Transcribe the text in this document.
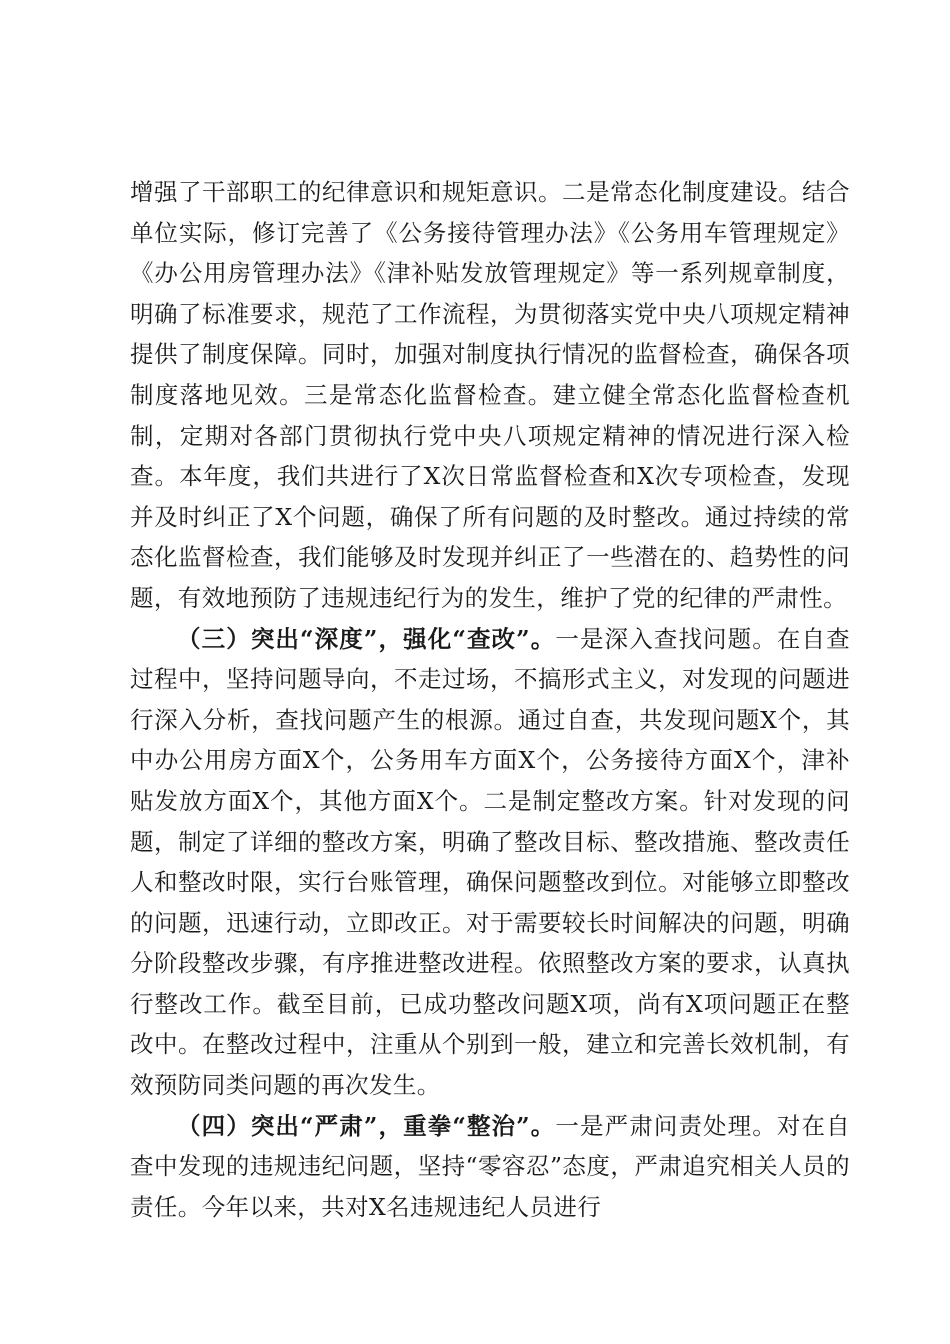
增强了干部职工的纪律意识和规矩意识。二是常态化制度建设。结合单位实际，修订完善了《公务接待管理办法》《公务用车管理规定》《办公用房管理办法》《津补贴发放管理规定》等一系列规章制度，明确了标准要求，规范了工作流程，为贯彻落实党中央八项规定精神提供了制度保障。同时，加强对制度执行情况的监督检查，确保各项制度落地见效。三是常态化监督检查。建立健全常态化监督检查机制，定期对各部门贯彻执行党中央八项规定精神的情况进行深入检查。本年度，我们共进行了X次日常监督检查和X次专项检查，发现并及时纠正了X个问题，确保了所有问题的及时整改。通过持续的常态化监督检查，我们能够及时发现并纠正了一些潜在的、趋势性的问题，有效地预防了违规违纪行为的发生，维护了党的纪律的严肃性。

（三）突出“深度”，强化“查改”。一是深入查找问题。在自查过程中，坚持问题导向，不走过场，不搞形式主义，对发现的问题进行深入分析，查找问题产生的根源。通过自查，共发现问题X个，其中办公用房方面X个，公务用车方面X个，公务接待方面X个，津补贴发放方面X个，其他方面X个。二是制定整改方案。针对发现的问题，制定了详细的整改方案，明确了整改目标、整改措施、整改责任人和整改时限，实行台账管理，确保问题整改到位。对能够立即整改的问题，迅速行动，立即改正。对于需要较长时间解决的问题，明确分阶段整改步骤，有序推进整改进程。依照整改方案的要求，认真执行整改工作。截至目前，已成功整改问题X项，尚有X项问题正在整改中。在整改过程中，注重从个别到一般，建立和完善长效机制，有效预防同类问题的再次发生。

（四）突出“严肃”，重拳“整治”。一是严肃问责处理。对在自查中发现的违规违纪问题，坚持“零容忍”态度，严肃追究相关人员的责任。今年以来，共对X名违规违纪人员进行
